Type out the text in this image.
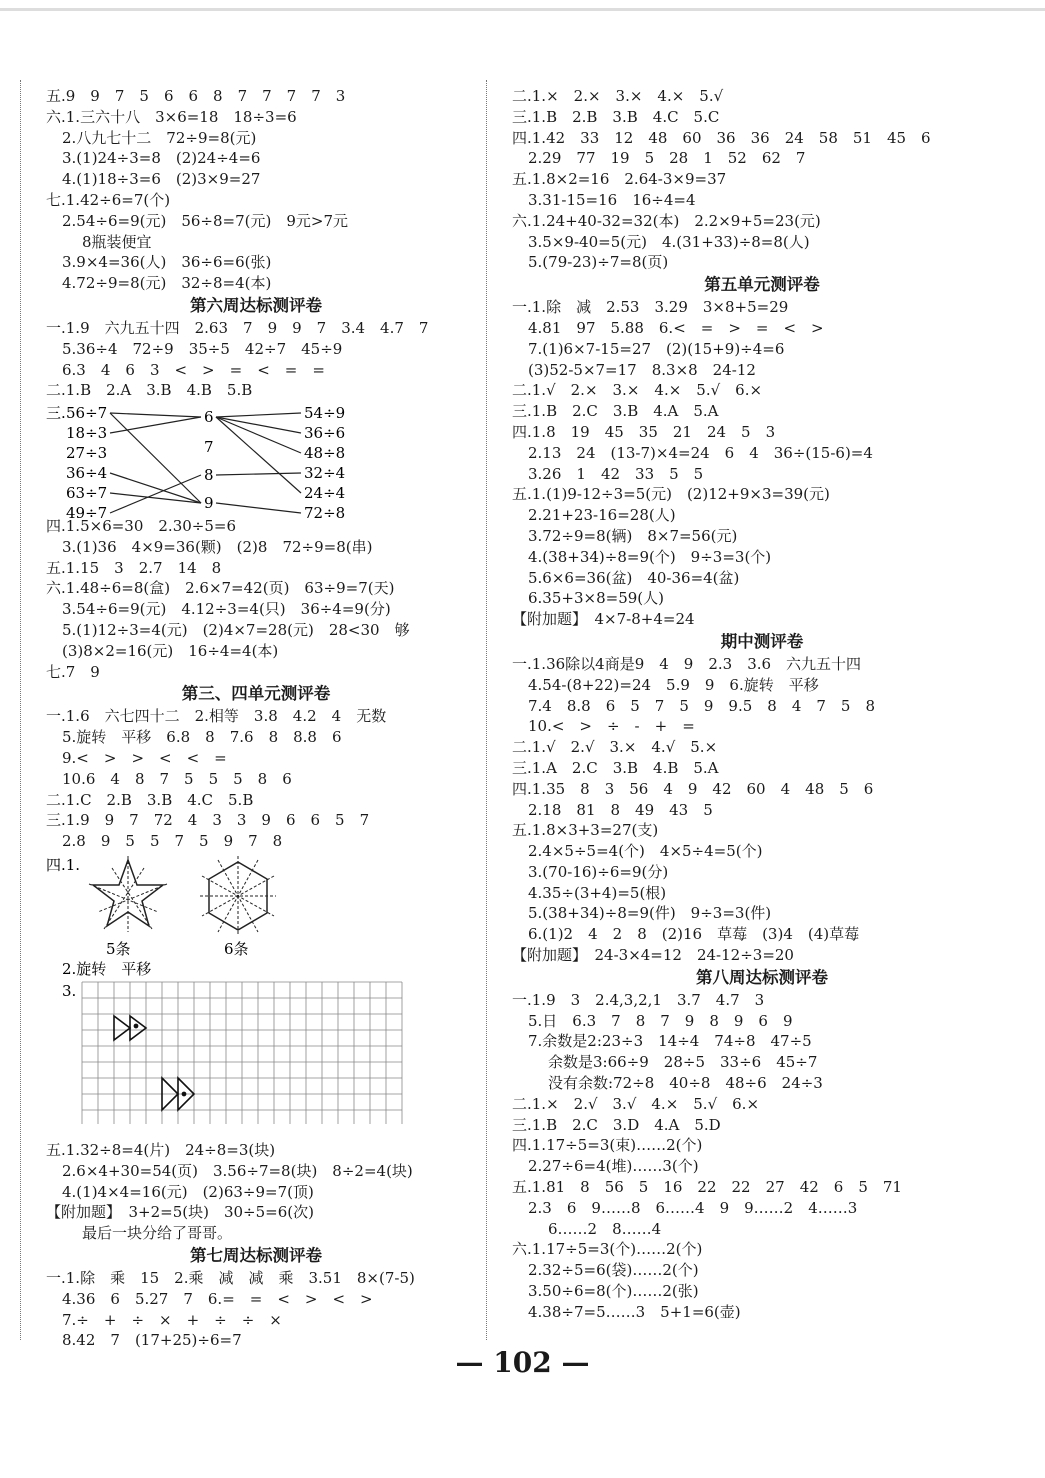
五.9　9　7　5　6　6　8　7　7　7　7　3
六.1.三六十八　3×6=18　18÷3=6
2.八九七十二　72÷9=8(元)
3.(1)24÷3=8　(2)24÷4=6
4.(1)18÷3=6　(2)3×9=27
七.1.42÷6=7(个)
2.54÷6=9(元)　56÷8=7(元)　9元>7元
8瓶装便宜
3.9×4=36(人)　36÷6=6(张)
4.72÷9=8(元)　32÷8=4(本)
第六周达标测评卷
一.1.9　六九五十四　2.63　7　9　9　7　3.4　4.7　7
5.36÷4　72÷9　35÷5　42÷7　45÷9
6.3　4　6　3　<　>　=　<　=　=
二.1.B　2.A　3.B　4.B　5.B
三. 56÷7
18÷3
27÷3
36÷4
63÷7
49÷7
6
7
8
9
54÷9
36÷6
48÷8
32÷4
24÷4
72÷8
四.1.5×6=30　2.30÷5=6
3.(1)36　4×9=36(颗)　(2)8　72÷9=8(串)
五.1.15　3　2.7　14　8
六.1.48÷6=8(盒)　2.6×7=42(页)　63÷9=7(天)
3.54÷6=9(元)　4.12÷3=4(只)　36÷4=9(分)
5.(1)12÷3=4(元)　(2)4×7=28(元)　28<30　够
(3)8×2=16(元)　16÷4=4(本)
七.7　9
第三、四单元测评卷
一.1.6　六七四十二　2.相等　3.8　4.2　4　无数
5.旋转　平移　6.8　8　7.6　8　8.8　6
9.<　>　>　<　<　=
10.6　4　8　7　5　5　5　8　6
二.1.C　2.B　3.B　4.C　5.B
三.1.9　9　7　72　4　3　3　9　6　6　5　7
2.8　9　5　5　7　5　9　7　8
四.1.
5条	6条
2.旋转　平移
3.
五.1.32÷8=4(片)　24÷8=3(块)
2.6×4+30=54(页)　3.56÷7=8(块)　8÷2=4(块)
4.(1)4×4=16(元)　(2)63÷9=7(顶)
【附加题】　3+2=5(块)　30÷5=6(次)
最后一块分给了哥哥。
第七周达标测评卷
一.1.除　乘　15　2.乘　减　减　乘　3.51　8×(7-5)
4.36　6　5.27　7　6.=　=　<　>　<　>
7.÷　+　÷　×　+　÷　÷　×
8.42　7　(17+25)÷6=7
二.1.×　2.×　3.×　4.×　5.√
三.1.B　2.B　3.B　4.C　5.C
四.1.42　33　12　48　60　36　36　24　58　51　45　6
2.29　77　19　5　28　1　52　62　7
五.1.8×2=16　2.64-3×9=37
3.31-15=16　16÷4=4
六.1.24+40-32=32(本)　2.2×9+5=23(元)
3.5×9-40=5(元)　4.(31+33)÷8=8(人)
5.(79-23)÷7=8(页)
第五单元测评卷
一.1.除　减　2.53　3.29　3×8+5=29
4.81　97　5.88　6.<　=　>　=　<　>
7.(1)6×7-15=27　(2)(15+9)÷4=6
(3)52-5×7=17　8.3×8　24-12
二.1.√　2.×　3.×　4.×　5.√　6.×
三.1.B　2.C　3.B　4.A　5.A
四.1.8　19　45　35　21　24　5　3
2.13　24　(13-7)×4=24　6　4　36÷(15-6)=4
3.26　1　42　33　5　5
五.1.(1)9-12÷3=5(元)　(2)12+9×3=39(元)
2.21+23-16=28(人)
3.72÷9=8(辆)　8×7=56(元)
4.(38+34)÷8=9(个)　9÷3=3(个)
5.6×6=36(盆)　40-36=4(盆)
6.35+3×8=59(人)
【附加题】　4×7-8+4=24
期中测评卷
一.1.36除以4商是9　4　9　2.3　3.6　六九五十四
4.54-(8+22)=24　5.9　9　6.旋转　平移
7.4　8.8　6　5　7　5　9　9.5　8　4　7　5　8
10.<　>　÷　-　+　=
二.1.√　2.√　3.×　4.√　5.×
三.1.A　2.C　3.B　4.B　5.A
四.1.35　8　3　56　4　9　42　60　4　48　5　6
2.18　81　8　49　43　5
五.1.8×3+3=27(支)
2.4×5÷5=4(个)　4×5÷4=5(个)
3.(70-16)÷6=9(分)
4.35÷(3+4)=5(根)
5.(38+34)÷8=9(件)　9÷3=3(件)
6.(1)2　4　2　8　(2)16　草莓　(3)4　(4)草莓
【附加题】　24-3×4=12　24-12÷3=20
第八周达标测评卷
一.1.9　3　2.4,3,2,1　3.7　4.7　3
5.日　6.3　7　8　7　9　8　9　6　9
7.余数是2:23÷3　14÷4　74÷8　47÷5
余数是3:66÷9　28÷5　33÷6　45÷7
没有余数:72÷8　40÷8　48÷6　24÷3
二.1.×　2.√　3.√　4.×　5.√　6.×
三.1.B　2.C　3.D　4.A　5.D
四.1.17÷5=3(束)……2(个)
2.27÷6=4(堆)……3(个)
五.1.81　8　56　5　16　22　22　27　42　6　5　71
2.3　6　9……8　6……4　9　9……2　4……3
6……2　8……4
六.1.17÷5=3(个)……2(个)
2.32÷5=6(袋)……2(个)
3.50÷6=8(个)……2(张)
4.38÷7=5……3　5+1=6(壶)
— 102 —
